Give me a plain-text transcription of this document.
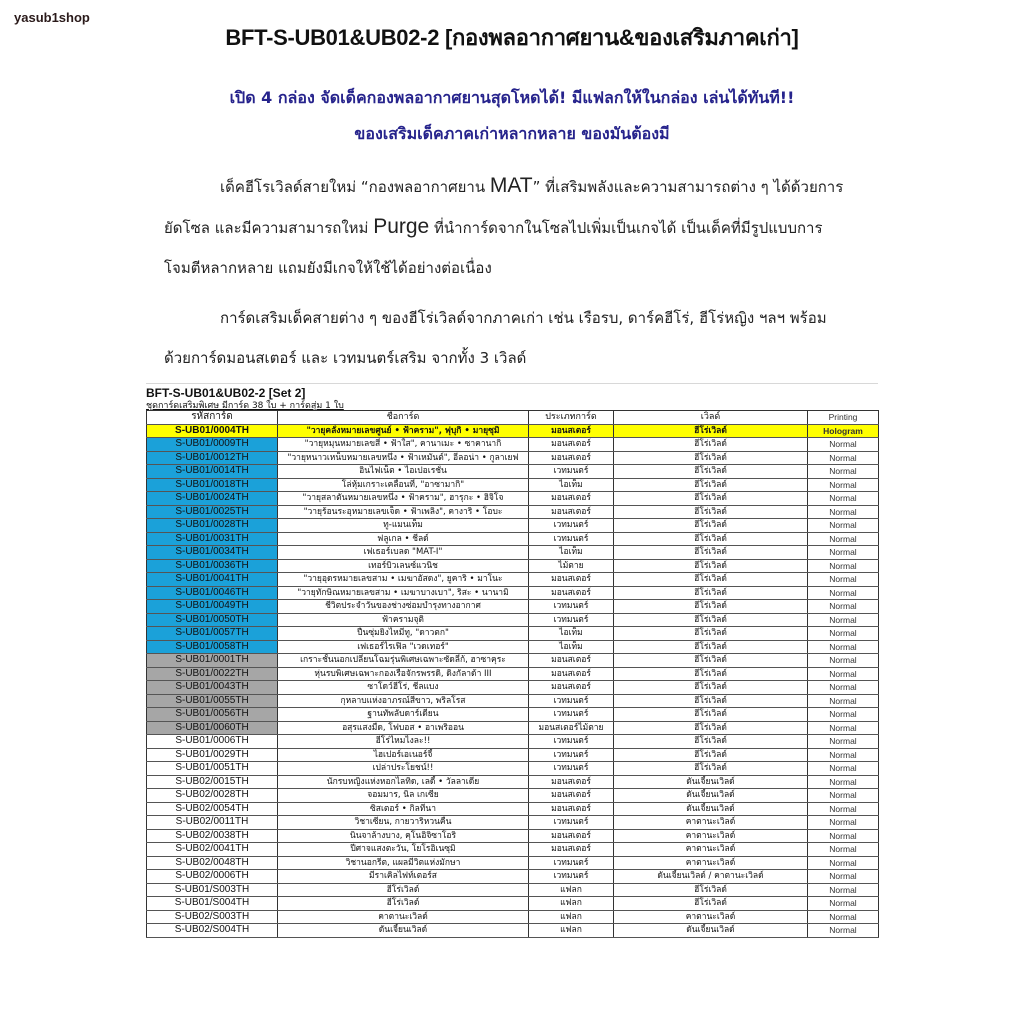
yasub1shop
BFT-S-UB01&UB02-2 [กองพลอากาศยาน&ของเสริมภาคเก่า]
เปิด 4 กล่อง จัดเด็คกองพลอากาศยานสุดโหดได้! มีแฟลกให้ในกล่อง เล่นได้ทันที!!
ของเสริมเด็คภาคเก่าหลากหลาย ของมันต้องมี
เด็คฮีโรเวิลด์สายใหม่ “กองพลอากาศยาน MAT” ที่เสริมพลังและความสามารถต่าง ๆ ได้ด้วยการยัดโซล และมีความสามารถใหม่ Purge ที่นำการ์ดจากในโซลไปเพิ่มเป็นเกจได้ เป็นเด็คที่มีรูปแบบการโจมตีหลากหลาย แถมยังมีเกจให้ใช้ได้อย่างต่อเนื่อง
การ์ดเสริมเด็คสายต่าง ๆ ของฮีโร่เวิลด์จากภาคเก่า เช่น เรือรบ, ดาร์คฮีโร่, ฮีโร่หญิง ฯลฯ พร้อมด้วยการ์ดมอนสเตอร์ และ เวทมนตร์เสริม จากทั้ง 3 เวิลด์
BFT-S-UB01&UB02-2 [Set 2]
ชุดการ์ดเสริมพิเศษ มีการ์ด 38 ใบ + การ์ดสุ่ม 1 ใบ
รหัสการ์ด	ชื่อการ์ด	ประเภทการ์ด	เวิลด์	Printing
S-UB01/0004TH	"วายุคลั่งหมายเลขศูนย์ • ฟ้าคราม", ฟุบุกิ • มายุซุมิ	มอนสเตอร์	ฮีโร่เวิลด์	Hologram
S-UB01/0009TH	"วายุหมุนหมายเลขสี่ • ฟ้าใส", คานาเมะ • ซาคานากิ	มอนสเตอร์	ฮีโร่เวิลด์	Normal
S-UB01/0012TH	"วายุหนาวเหน็บหมายเลขหนึ่ง • ฟ้าเหมันต์", อีลอน่า • กูลาเยฟ	มอนสเตอร์	ฮีโร่เวิลด์	Normal
S-UB01/0014TH	อินไฟเน็ต • ไอเปอเรชั่น	เวทมนตร์	ฮีโร่เวิลด์	Normal
S-UB01/0018TH	โล่หุ้มเกราะเคลื่อนที่, "อาซามากิ"	ไอเท็ม	ฮีโร่เวิลด์	Normal
S-UB01/0024TH	"วายุสลาตันหมายเลขหนึ่ง • ฟ้าคราม", ฮารุกะ • ฮิจิโจ	มอนสเตอร์	ฮีโร่เวิลด์	Normal
S-UB01/0025TH	"วายุร้อนระอุหมายเลขเจ็ด • ฟ้าเพลิง", คางาริ • โอบะ	มอนสเตอร์	ฮีโร่เวิลด์	Normal
S-UB01/0028TH	ทู-แมนเท็ม	เวทมนตร์	ฮีโร่เวิลด์	Normal
S-UB01/0031TH	ฟลูเกล • ชีลด์	เวทมนตร์	ฮีโร่เวิลด์	Normal
S-UB01/0034TH	เฟเธอร์เบลด "MAT-I"	ไอเท็ม	ฮีโร่เวิลด์	Normal
S-UB01/0036TH	เทอร์บิวเลนซ์แวนิช	ไม้ตาย	ฮีโร่เวิลด์	Normal
S-UB01/0041TH	"วายุอุดรหมายเลขสาม • เมฆาอัสดง", ยูคาริ • มาโนะ	มอนสเตอร์	ฮีโร่เวิลด์	Normal
S-UB01/0046TH	"วายุทักษิณหมายเลขสาม • เมฆาบางเบา", ริสะ • นานามิ	มอนสเตอร์	ฮีโร่เวิลด์	Normal
S-UB01/0049TH	ชีวิตประจำวันของช่างซ่อมบำรุงทางอากาศ	เวทมนตร์	ฮีโร่เวิลด์	Normal
S-UB01/0050TH	ฟ้าครามจุติ	เวทมนตร์	ฮีโร่เวิลด์	Normal
S-UB01/0057TH	ปืนซุ่มยิงไหมีทู, "ดาวตก"	ไอเท็ม	ฮีโร่เวิลด์	Normal
S-UB01/0058TH	เฟเธอร์ไรเฟิล "เวดเทอร์"	ไอเท็ม	ฮีโร่เวิลด์	Normal
S-UB01/0001TH	เกราะชั้นนอกเปลี่ยนโฉมรุ่นพิเศษเฉพาะซัดลี่ก้, ฮาซาคุระ	มอนสเตอร์	ฮีโร่เวิลด์	Normal
S-UB01/0022TH	หุ่นรบพิเศษเฉพาะกองเรือจักรพรรดิ, ดิงกัลาด้า III	มอนสเตอร์	ฮีโร่เวิลด์	Normal
S-UB01/0043TH	ซาโดว์ฮีโร่, ชีลแบง	มอนสเตอร์	ฮีโร่เวิลด์	Normal
S-UB01/0055TH	กุหลาบแห่งอาภรณ์สีขาว, พริลโรส	เวทมนตร์	ฮีโร่เวิลด์	Normal
S-UB01/0056TH	ฐานทัพลับดาร์เดียน	เวทมนตร์	ฮีโร่เวิลด์	Normal
S-UB01/0060TH	อสุรแสงมืด, โฟบอส • อาเพริออน	มอนสเตอร์ไม้ตาย	ฮีโร่เวิลด์	Normal
S-UB01/0006TH	ฮีโร่ไหมไงละ!!	เวทมนตร์	ฮีโร่เวิลด์	Normal
S-UB01/0029TH	ไฮเปอร์เอเนอร์จี้	เวทมนตร์	ฮีโร่เวิลด์	Normal
S-UB01/0051TH	เปล่าประโยชน์!!	เวทมนตร์	ฮีโร่เวิลด์	Normal
S-UB02/0015TH	นักรบหญิงแห่งหอกไลทิด, เลดี้ • วัลลาเดีย	มอนสเตอร์	ดันเจี้ยนเวิลด์	Normal
S-UB02/0028TH	จอมมาร, นิล เกเซีย	มอนสเตอร์	ดันเจี้ยนเวิลด์	Normal
S-UB02/0054TH	ซิสเตอร์ • กิลทีนา	มอนสเตอร์	ดันเจี้ยนเวิลด์	Normal
S-UB02/0011TH	วิชาเซียน, กายวาริหวนคืน	เวทมนตร์	คาตานะเวิลด์	Normal
S-UB02/0038TH	นินจาล้างบาง, คุโนอิจิซาโอริ	มอนสเตอร์	คาตานะเวิลด์	Normal
S-UB02/0041TH	ปีศาจแสงตะวัน, โยโรอิเนซุมิ	มอนสเตอร์	คาตานะเวิลด์	Normal
S-UB02/0048TH	วิชานอกรีต, แผลมีวิตแห่งมักษา	เวทมนตร์	คาตานะเวิลด์	Normal
S-UB02/0006TH	มีราเคิลไฟท์เตอร์ส	เวทมนตร์	ดันเจี้ยนเวิลด์ / คาตานะเวิลด์	Normal
S-UB01/S003TH	ฮีโร่เวิลด์	แฟลก	ฮีโร่เวิลด์	Normal
S-UB01/S004TH	ฮีโร่เวิลด์	แฟลก	ฮีโร่เวิลด์	Normal
S-UB02/S003TH	คาตานะเวิลด์	แฟลก	คาตานะเวิลด์	Normal
S-UB02/S004TH	ดันเจี้ยนเวิลด์	แฟลก	ดันเจี้ยนเวิลด์	Normal
